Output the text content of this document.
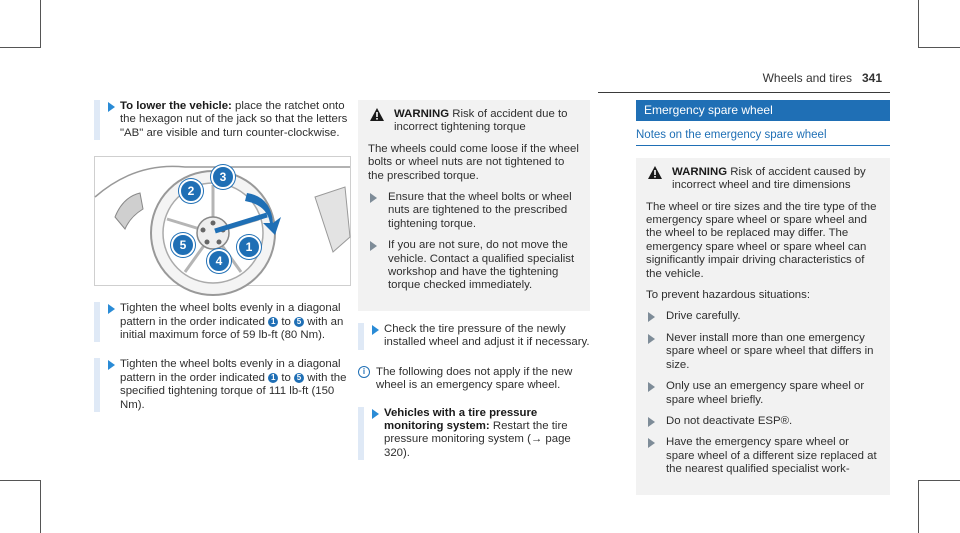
Wheels and tires 341
To lower the vehicle: place the ratchet onto the hexagon nut of the jack so that the letters "AB" are visible and turn counter-clockwise.
2
3
5	1
4
Tighten the wheel bolts evenly in a diagonal pattern in the order indicated 1 to 5 with an initial maximum force of 59 lb-ft (80 Nm).
Tighten the wheel bolts evenly in a diagonal pattern in the order indicated 1 to 5 with the specified tightening torque of 111 lb-ft (150 Nm).
WARNING Risk of accident due to incorrect tightening torque

The wheels could come loose if the wheel bolts or wheel nuts are not tightened to the prescribed torque.

Ensure that the wheel bolts or wheel nuts are tightened to the prescribed tightening torque.
If you are not sure, do not move the vehicle. Contact a qualified specialist workshop and have the tightening torque checked immediately.
Check the tire pressure of the newly installed wheel and adjust it if necessary.
i The following does not apply if the new wheel is an emergency spare wheel.
Vehicles with a tire pressure monitoring system: Restart the tire pressure monitoring system (→ page 320).
Emergency spare wheel
Notes on the emergency spare wheel
WARNING Risk of accident caused by incorrect wheel and tire dimensions

The wheel or tire sizes and the tire type of the emergency spare wheel or spare wheel and the wheel to be replaced may differ. The emergency spare wheel or spare wheel can significantly impair driving characteristics of the vehicle.

To prevent hazardous situations:

Drive carefully.
Never install more than one emergency spare wheel or spare wheel that differs in size.
Only use an emergency spare wheel or spare wheel briefly.
Do not deactivate ESP®.
Have the emergency spare wheel or spare wheel of a different size replaced at the nearest qualified specialist work-
